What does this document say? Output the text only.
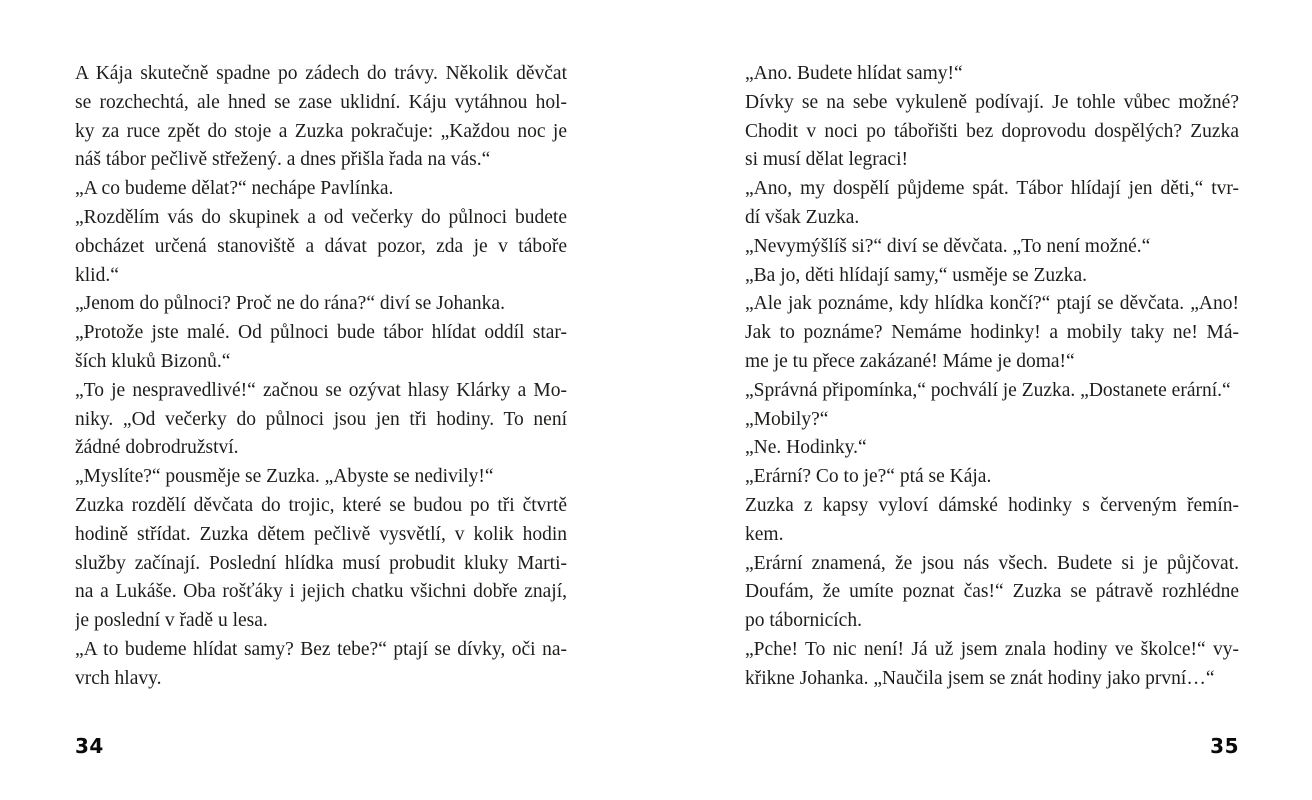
A Kája skutečně spadne po zádech do trávy. Několik děvčat
se rozchechtá, ale hned se zase uklidní. Káju vytáhnou hol-
ky za ruce zpět do stoje a Zuzka pokračuje: „Každou noc je
náš tábor pečlivě střežený. a dnes přišla řada na vás.“
„A co budeme dělat?“ nechápe Pavlínka.
„Rozdělím vás do skupinek a od večerky do půlnoci budete
obcházet určená stanoviště a dávat pozor, zda je v táboře
klid.“
„Jenom do půlnoci? Proč ne do rána?“ diví se Johanka.
„Protože jste malé. Od půlnoci bude tábor hlídat oddíl star-
ších kluků Bizonů.“
„To je nespravedlivé!“ začnou se ozývat hlasy Klárky a Mo-
niky. „Od večerky do půlnoci jsou jen tři hodiny. To není
žádné dobrodružství.
„Myslíte?“ pousměje se Zuzka. „Abyste se nedivily!“
Zuzka rozdělí děvčata do trojic, které se budou po tři čtvrtě
hodině střídat. Zuzka dětem pečlivě vysvětlí, v kolik hodin
služby začínají. Poslední hlídka musí probudit kluky Marti-
na a Lukáše. Oba rošťáky i jejich chatku všichni dobře znají,
je poslední v řadě u lesa.
„A to budeme hlídat samy? Bez tebe?“ ptají se dívky, oči na-
vrch hlavy.
34
„Ano. Budete hlídat samy!“
Dívky se na sebe vykuleně podívají. Je tohle vůbec možné?
Chodit v noci po tábořišti bez doprovodu dospělých? Zuzka
si musí dělat legraci!
„Ano, my dospělí půjdeme spát. Tábor hlídají jen děti,“ tvr-
dí však Zuzka.
„Nevymýšlíš si?“ diví se děvčata. „To není možné.“
„Ba jo, děti hlídají samy,“ usměje se Zuzka.
„Ale jak poznáme, kdy hlídka končí?“ ptají se děvčata. „Ano!
Jak to poznáme? Nemáme hodinky! a mobily taky ne! Má-
me je tu přece zakázané! Máme je doma!“
„Správná připomínka,“ pochválí je Zuzka. „Dostanete erární.“
„Mobily?“
„Ne. Hodinky.“
„Erární? Co to je?“ ptá se Kája.
Zuzka z kapsy vyloví dámské hodinky s červeným řemín-
kem.
„Erární znamená, že jsou nás všech. Budete si je půjčovat.
Doufám, že umíte poznat čas!“ Zuzka se pátravě rozhlédne
po tábornicích.
„Pche! To nic není! Já už jsem znala hodiny ve školce!“ vy-
křikne Johanka. „Naučila jsem se znát hodiny jako první…“
35
